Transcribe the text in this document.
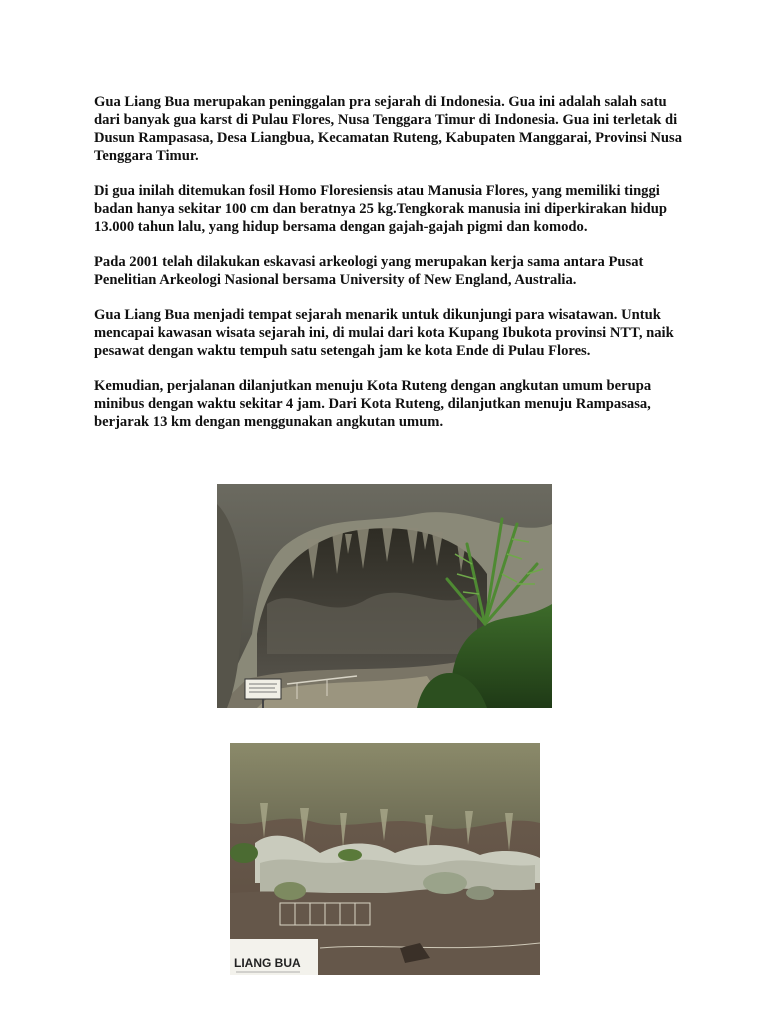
Gua Liang Bua merupakan peninggalan pra sejarah di Indonesia. Gua ini adalah salah satu dari banyak gua karst di Pulau Flores, Nusa Tenggara Timur di Indonesia. Gua ini terletak di Dusun Rampasasa, Desa Liangbua, Kecamatan Ruteng, Kabupaten Manggarai, Provinsi Nusa Tenggara Timur.

Di gua inilah ditemukan fosil Homo Floresiensis atau Manusia Flores, yang memiliki tinggi badan hanya sekitar 100 cm dan beratnya 25 kg.Tengkorak manusia ini diperkirakan hidup 13.000 tahun lalu, yang hidup bersama dengan gajah-gajah pigmi dan komodo.

Pada 2001 telah dilakukan eskavasi arkeologi yang merupakan kerja sama antara Pusat Penelitian Arkeologi Nasional bersama University of New England, Australia.

Gua Liang Bua menjadi tempat sejarah menarik untuk dikunjungi para wisatawan. Untuk mencapai kawasan wisata sejarah ini, di mulai dari kota Kupang Ibukota provinsi NTT, naik pesawat dengan waktu tempuh satu setengah jam ke kota Ende di Pulau Flores.

Kemudian, perjalanan dilanjutkan menuju Kota Ruteng dengan angkutan umum berupa minibus dengan waktu sekitar 4 jam. Dari Kota Ruteng, dilanjutkan menuju Rampasasa, berjarak 13 km dengan menggunakan angkutan umum.

LIANG BUA
